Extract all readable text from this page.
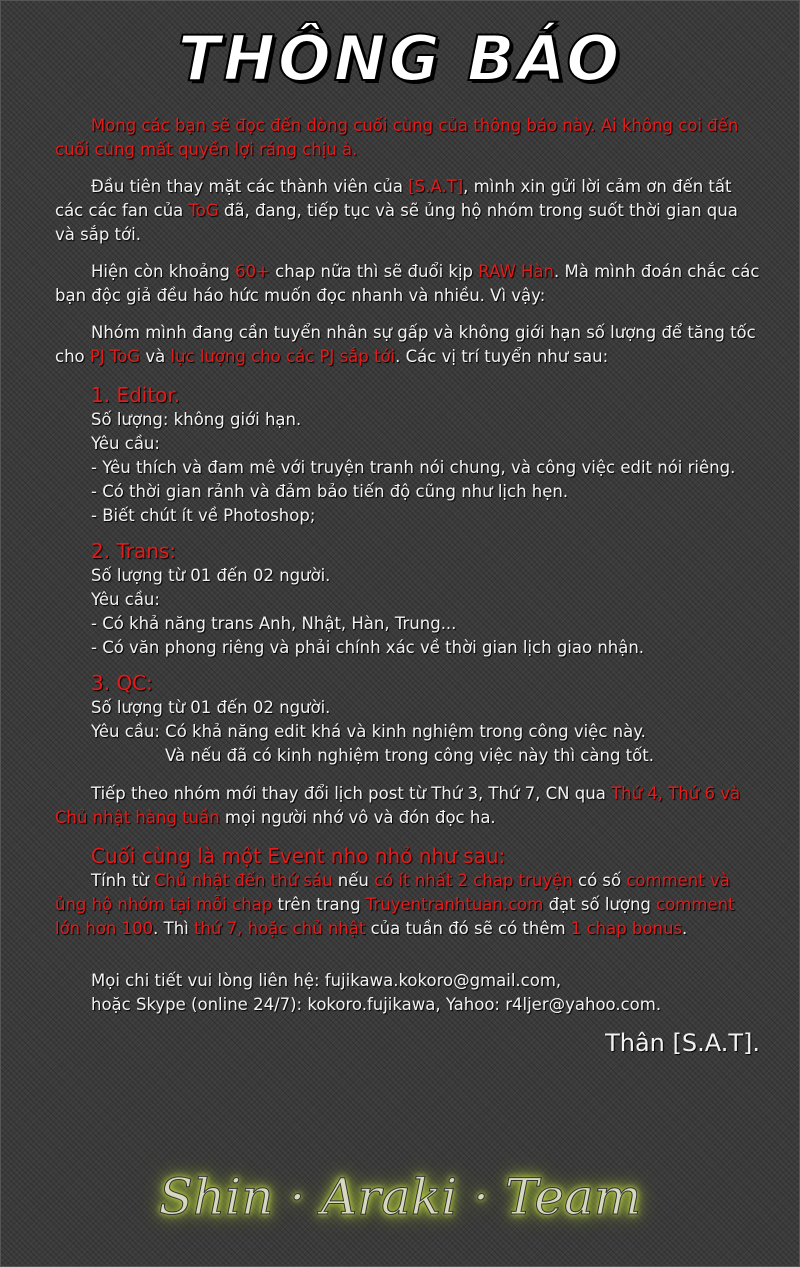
THÔNG BÁO
Mong các bạn sẽ đọc đến dòng cuối cùng của thông báo này. Ai không coi đến cuối cùng mất quyền lợi ráng chịu à.
Đầu tiên thay mặt các thành viên của [S.A.T], mình xin gửi lời cảm ơn đến tất các các fan của ToG đã, đang, tiếp tục và sẽ ủng hộ nhóm trong suốt thời gian qua và sắp tới.
Hiện còn khoảng 60+ chap nữa thì sẽ đuổi kịp RAW Hàn. Mà mình đoán chắc các bạn độc giả đều háo hức muốn đọc nhanh và nhiều. Vì vậy:
Nhóm mình đang cần tuyển nhân sự gấp và không giới hạn số lượng để tăng tốc cho PJ ToG và lực lượng cho các PJ sắp tới. Các vị trí tuyển như sau:
1. Editor.
Số lượng: không giới hạn.
Yêu cầu:
- Yêu thích và đam mê với truyện tranh nói chung, và công việc edit nói riêng.
- Có thời gian rảnh và đảm bảo tiến độ cũng như lịch hẹn.
- Biết chút ít về Photoshop;
2. Trans:
Số lượng từ 01 đến 02 người.
Yêu cầu:
- Có khả năng trans Anh, Nhật, Hàn, Trung...
- Có văn phong riêng và phải chính xác về thời gian lịch giao nhận.
3. QC:
Số lượng từ 01 đến 02 người.
Yêu cầu: Có khả năng edit khá và kinh nghiệm trong công việc này.
Và nếu đã có kinh nghiệm trong công việc này thì càng tốt.
Tiếp theo nhóm mới thay đổi lịch post từ Thứ 3, Thứ 7, CN qua Thứ 4, Thứ 6 và Chủ nhật hàng tuần mọi người nhớ vô và đón đọc ha.
Cuối cùng là một Event nho nhỏ như sau:
Tính từ Chủ nhật đến thứ sáu nếu có ít nhất 2 chap truyện có số comment và ủng hộ nhóm tại mỗi chap trên trang Truyentranhtuan.com đạt số lượng comment lớn hơn 100. Thì thứ 7, hoặc chủ nhật của tuần đó sẽ có thêm 1 chap bonus.
Mọi chi tiết vui lòng liên hệ: fujikawa.kokoro@gmail.com,
hoặc Skype (online 24/7): kokoro.fujikawa, Yahoo: r4ljer@yahoo.com.
Thân [S.A.T].
Shin · Araki · Team
